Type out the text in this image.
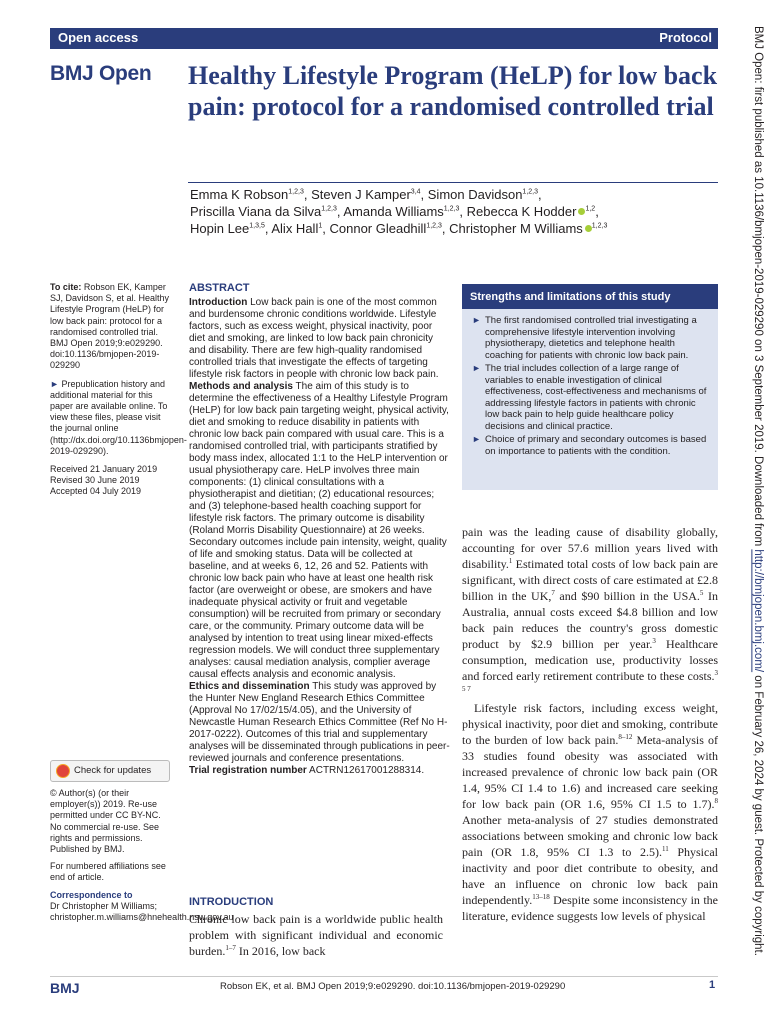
Open access	Protocol
BMJ Open Healthy Lifestyle Program (HeLP) for low back pain: protocol for a randomised controlled trial
Emma K Robson$^{1,2,3}$, Steven J Kamper$^{3,4}$, Simon Davidson$^{1,2,3}$,
Priscilla Viana da Silva$^{1,2,3}$, Amanda Williams$^{1,2,3}$, Rebecca K Hodder $^{1,2}$,
Hopin Lee$^{1,3,5}$, Alix Hall$^1$, Connor Gleadhill$^{1,2,3}$, Christopher M Williams $^{1,2,3}$

To cite: Robson EK, Kamper SJ, Davidson S, et al. Healthy Lifestyle Program (HeLP) for low back pain: protocol for a randomised controlled trial. BMJ Open 2019;9:e029290. doi:10.1136/bmjopen-2019-029290

► Prepublication history and additional material for this paper are available online. To view these files, please visit the journal online (http://dx.doi.org/10.1136bmjopen-2019-029290).

Received 21 January 2019
Revised 30 June 2019
Accepted 04 July 2019

Check for updates

© Author(s) (or their employer(s)) 2019. Re-use permitted under CC BY-NC. No commercial re-use. See rights and permissions. Published by BMJ.

For numbered affiliations see end of article.

Correspondence to

Dr Christopher M Williams;
christopher.m.williams@hnehealth.nsw.gov.au

ABSTRACT

Introduction Low back pain is one of the most common and burdensome chronic conditions worldwide. Lifestyle factors, such as excess weight, physical inactivity, poor diet and smoking, are linked to low back pain chronicity and disability. There are few high-quality randomised controlled trials that investigate the effects of targeting lifestyle risk factors in people with chronic low back pain.

Methods and analysis The aim of this study is to determine the effectiveness of a Healthy Lifestyle Program (HeLP) for low back pain targeting weight, physical activity, diet and smoking to reduce disability in patients with chronic low back pain compared with usual care. This is a randomised controlled trial, with participants stratified by body mass index, allocated 1:1 to the HeLP intervention or usual physiotherapy care. HeLP involves three main components: (1) clinical consultations with a physiotherapist and dietitian; (2) educational resources; and (3) telephone-based health coaching support for lifestyle risk factors. The primary outcome is disability (Roland Morris Disability Questionnaire) at 26 weeks. Secondary outcomes include pain intensity, weight, quality of life and smoking status. Data will be collected at baseline, and at weeks 6, 12, 26 and 52. Patients with chronic low back pain who have at least one health risk factor (are overweight or obese, are smokers and have inadequate physical activity or fruit and vegetable consumption) will be recruited from primary or secondary care, or the community. Primary outcome data will be analysed by intention to treat using linear mixed-effects regression models. We will conduct three supplementary analyses: causal mediation analysis, complier average causal effects analysis and economic analysis.

Ethics and dissemination This study was approved by the Hunter New England Research Ethics Committee (Approval No 17/02/15/4.05), and the University of Newcastle Human Research Ethics Committee (Ref No H-2017-0222). Outcomes of this trial and supplementary analyses will be disseminated through publications in peer-reviewed journals and conference presentations.

Trial registration number ACTRN12617001288314.

INTRODUCTION
Chronic low back pain is a worldwide public health problem with significant individual and economic burden.$^{1-7}$ In 2016, low back
Strengths and limitations of this study
► The first randomised controlled trial investigating a comprehensive lifestyle intervention involving physiotherapy, dietetics and telephone health coaching for patients with chronic low back pain.
► The trial includes collection of a large range of variables to enable investigation of clinical effectiveness, cost-effectiveness and mechanisms of addressing lifestyle factors in patients with chronic low back pain to help guide healthcare policy decisions and clinical practice.
► Choice of primary and secondary outcomes is based on importance to patients with the condition.

pain was the leading cause of disability globally, accounting for over 57.6 million years lived with disability.$^1$ Estimated total costs of low back pain are significant, with direct costs of care estimated at £2.8 billion in the UK,$^7$ and $90 billion in the USA.$^5$ In Australia, annual costs exceed $4.8 billion and low back pain reduces the country's gross domestic product by $2.9 billion per year.$^3$ Healthcare consumption, medication use, productivity losses and forced early retirement contribute to these costs.$^{3 5 7}$

Lifestyle risk factors, including excess weight, physical inactivity, poor diet and smoking, contribute to the burden of low back pain.$^{8-12}$ Meta-analysis of 33 studies found obesity was associated with increased prevalence of chronic low back pain (OR 1.4, 95% CI 1.4 to 1.6) and increased care seeking for low back pain (OR 1.6, 95% CI 1.5 to 1.7).$^8$ Another meta-analysis of 27 studies demonstrated associations between smoking and chronic low back pain (OR 1.8, 95% CI 1.3 to 2.5).$^{11}$ Physical inactivity and poor diet contribute to obesity, and have an influence on chronic low back pain independently.$^{13-18}$ Despite some inconsistency in the literature, evidence suggests low levels of physical

BMJ Open: first published as 10.1136/bmjopen-2019-029290 on 3 September 2019. Downloaded from http://bmjopen.bmj.com/ on February 26, 2024 by guest. Protected by copyright.
BMJ	Robson EK, et al. BMJ Open 2019;9:e029290. doi:10.1136/bmjopen-2019-029290	1
